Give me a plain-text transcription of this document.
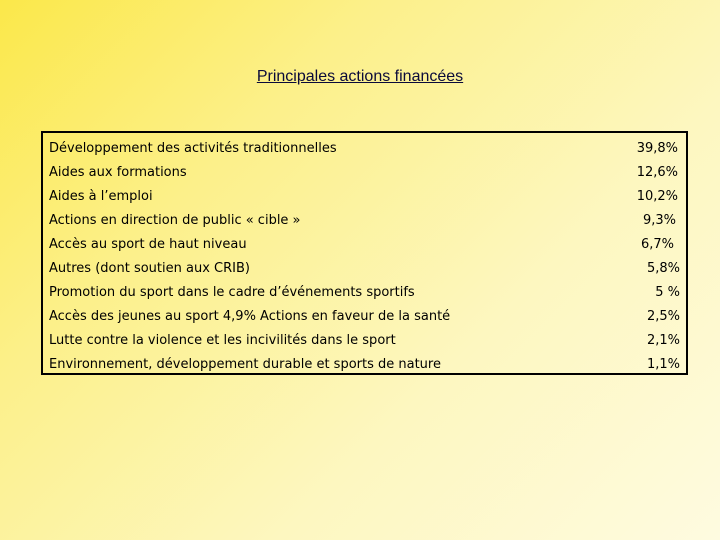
Principales actions financées
Développement des activités traditionnelles	39,8%
Aides aux formations	12,6%
Aides à l’emploi	10,2%
Actions en direction de public « cible »	9,3%
Accès au sport de haut niveau	6,7%
Autres (dont soutien aux CRIB)	5,8%
Promotion du sport dans le cadre d’événements sportifs	5 %
Accès des jeunes au sport 4,9% Actions en faveur de la santé	2,5%
Lutte contre la violence et les incivilités dans le sport	2,1%
Environnement, développement durable et sports de nature	1,1%
